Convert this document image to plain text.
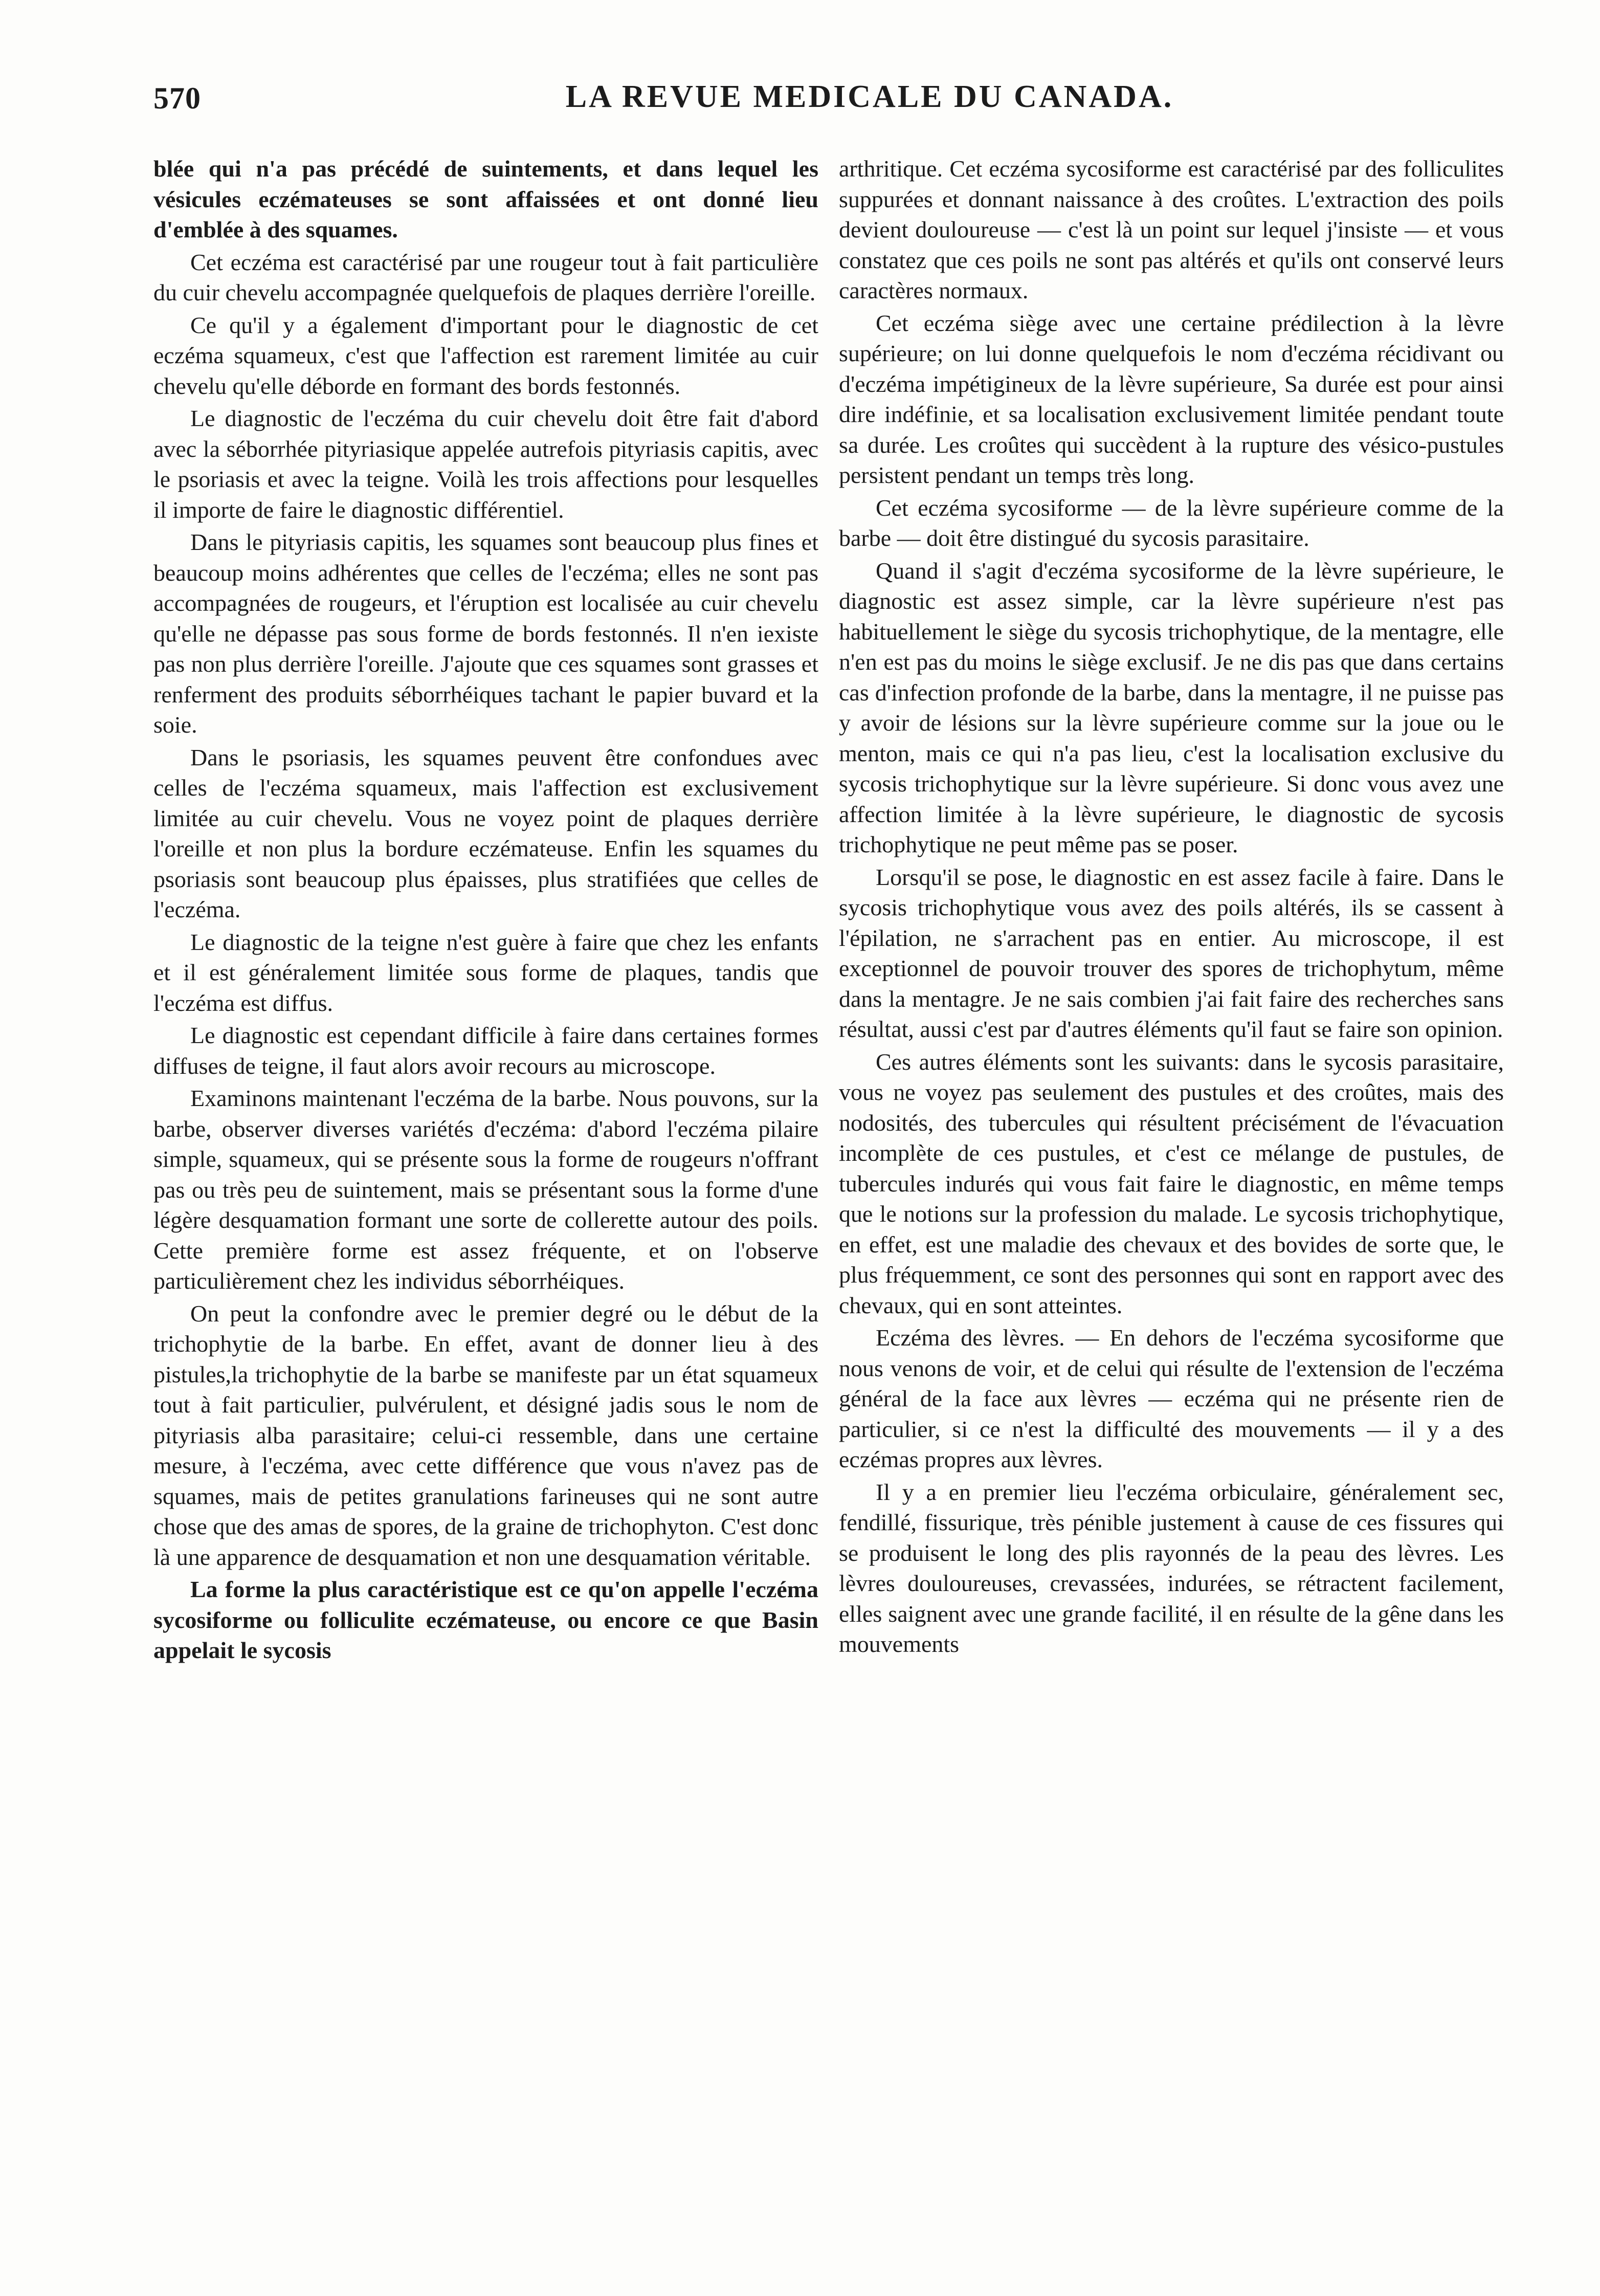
570	LA REVUE MEDICALE DU CANADA.

blée qui n'a pas précédé de suintements, et dans lequel les vésicules eczémateuses se sont affaissées et ont donné lieu d'emblée à des squames.

Cet eczéma est caractérisé par une rougeur tout à fait particulière du cuir chevelu accompagnée quelquefois de plaques derrière l'oreille.

Ce qu'il y a également d'important pour le diagnostic de cet eczéma squameux, c'est que l'affection est rarement limitée au cuir chevelu qu'elle déborde en formant des bords festonnés.

Le diagnostic de l'eczéma du cuir chevelu doit être fait d'abord avec la séborrhée pityriasique appelée autrefois pityriasis capitis, avec le psoriasis et avec la teigne. Voilà les trois affections pour lesquelles il importe de faire le diagnostic différentiel.

Dans le pityriasis capitis, les squames sont beaucoup plus fines et beaucoup moins adhérentes que celles de l'eczéma; elles ne sont pas accompagnées de rougeurs, et l'éruption est localisée au cuir chevelu qu'elle ne dépasse pas sous forme de bords festonnés. Il n'en iexiste pas non plus derrière l'oreille. J'ajoute que ces squames sont grasses et renferment des produits séborrhéiques tachant le papier buvard et la soie.

Dans le psoriasis, les squames peuvent être confondues avec celles de l'eczéma squameux, mais l'affection est exclusivement limitée au cuir chevelu. Vous ne voyez point de plaques derrière l'oreille et non plus la bordure eczémateuse. Enfin les squames du psoriasis sont beaucoup plus épaisses, plus stratifiées que celles de l'eczéma.

Le diagnostic de la teigne n'est guère à faire que chez les enfants et il est généralement limitée sous forme de plaques, tandis que l'eczéma est diffus.

Le diagnostic est cependant difficile à faire dans certaines formes diffuses de teigne, il faut alors avoir recours au microscope.

Examinons maintenant l'eczéma de la barbe. Nous pouvons, sur la barbe, observer diverses variétés d'eczéma: d'abord l'eczéma pilaire simple, squameux, qui se présente sous la forme de rougeurs n'offrant pas ou très peu de suintement, mais se présentant sous la forme d'une légère desquamation formant une sorte de collerette autour des poils. Cette première forme est assez fréquente, et on l'observe particulièrement chez les individus séborrhéiques.

On peut la confondre avec le premier degré ou le début de la trichophytie de la barbe. En effet, avant de donner lieu à des pistules,la trichophytie de la barbe se manifeste par un état squameux tout à fait particulier, pulvérulent, et désigné jadis sous le nom de pityriasis alba parasitaire; celui-ci ressemble, dans une certaine mesure, à l'eczéma, avec cette différence que vous n'avez pas de squames, mais de petites granulations farineuses qui ne sont autre chose que des amas de spores, de la graine de trichophyton. C'est donc là une apparence de desquamation et non une desquamation véritable.

La forme la plus caractéristique est ce qu'on appelle l'eczéma sycosiforme ou folliculite eczémateuse, ou encore ce que Basin appelait le sycosis

arthritique. Cet eczéma sycosiforme est caractérisé par des folliculites suppurées et donnant naissance à des croûtes. L'extraction des poils devient douloureuse — c'est là un point sur lequel j'insiste — et vous constatez que ces poils ne sont pas altérés et qu'ils ont conservé leurs caractères normaux.

Cet eczéma siège avec une certaine prédilection à la lèvre supérieure; on lui donne quelquefois le nom d'eczéma récidivant ou d'eczéma impétigineux de la lèvre supérieure, Sa durée est pour ainsi dire indéfinie, et sa localisation exclusivement limitée pendant toute sa durée. Les croûtes qui succèdent à la rupture des vésico-pustules persistent pendant un temps très long.

Cet eczéma sycosiforme — de la lèvre supérieure comme de la barbe — doit être distingué du sycosis parasitaire.

Quand il s'agit d'eczéma sycosiforme de la lèvre supérieure, le diagnostic est assez simple, car la lèvre supérieure n'est pas habituellement le siège du sycosis trichophytique, de la mentagre, elle n'en est pas du moins le siège exclusif. Je ne dis pas que dans certains cas d'infection profonde de la barbe, dans la mentagre, il ne puisse pas y avoir de lésions sur la lèvre supérieure comme sur la joue ou le menton, mais ce qui n'a pas lieu, c'est la localisation exclusive du sycosis trichophytique sur la lèvre supérieure. Si donc vous avez une affection limitée à la lèvre supérieure, le diagnostic de sycosis trichophytique ne peut même pas se poser.

Lorsqu'il se pose, le diagnostic en est assez facile à faire. Dans le sycosis trichophytique vous avez des poils altérés, ils se cassent à l'épilation, ne s'arrachent pas en entier. Au microscope, il est exceptionnel de pouvoir trouver des spores de trichophytum, même dans la mentagre. Je ne sais combien j'ai fait faire des recherches sans résultat, aussi c'est par d'autres éléments qu'il faut se faire son opinion.

Ces autres éléments sont les suivants: dans le sycosis parasitaire, vous ne voyez pas seulement des pustules et des croûtes, mais des nodosités, des tubercules qui résultent précisément de l'évacuation incomplète de ces pustules, et c'est ce mélange de pustules, de tubercules indurés qui vous fait faire le diagnostic, en même temps que le notions sur la profession du malade. Le sycosis trichophytique, en effet, est une maladie des chevaux et des bovides de sorte que, le plus fréquemment, ce sont des personnes qui sont en rapport avec des chevaux, qui en sont atteintes.

Eczéma des lèvres. — En dehors de l'eczéma sycosiforme que nous venons de voir, et de celui qui résulte de l'extension de l'eczéma général de la face aux lèvres — eczéma qui ne présente rien de particulier, si ce n'est la difficulté des mouvements — il y a des eczémas propres aux lèvres.

Il y a en premier lieu l'eczéma orbiculaire, généralement sec, fendillé, fissurique, très pénible justement à cause de ces fissures qui se produisent le long des plis rayonnés de la peau des lèvres. Les lèvres douloureuses, crevassées, indurées, se rétractent facilement, elles saignent avec une grande facilité, il en résulte de la gêne dans les mouvements
